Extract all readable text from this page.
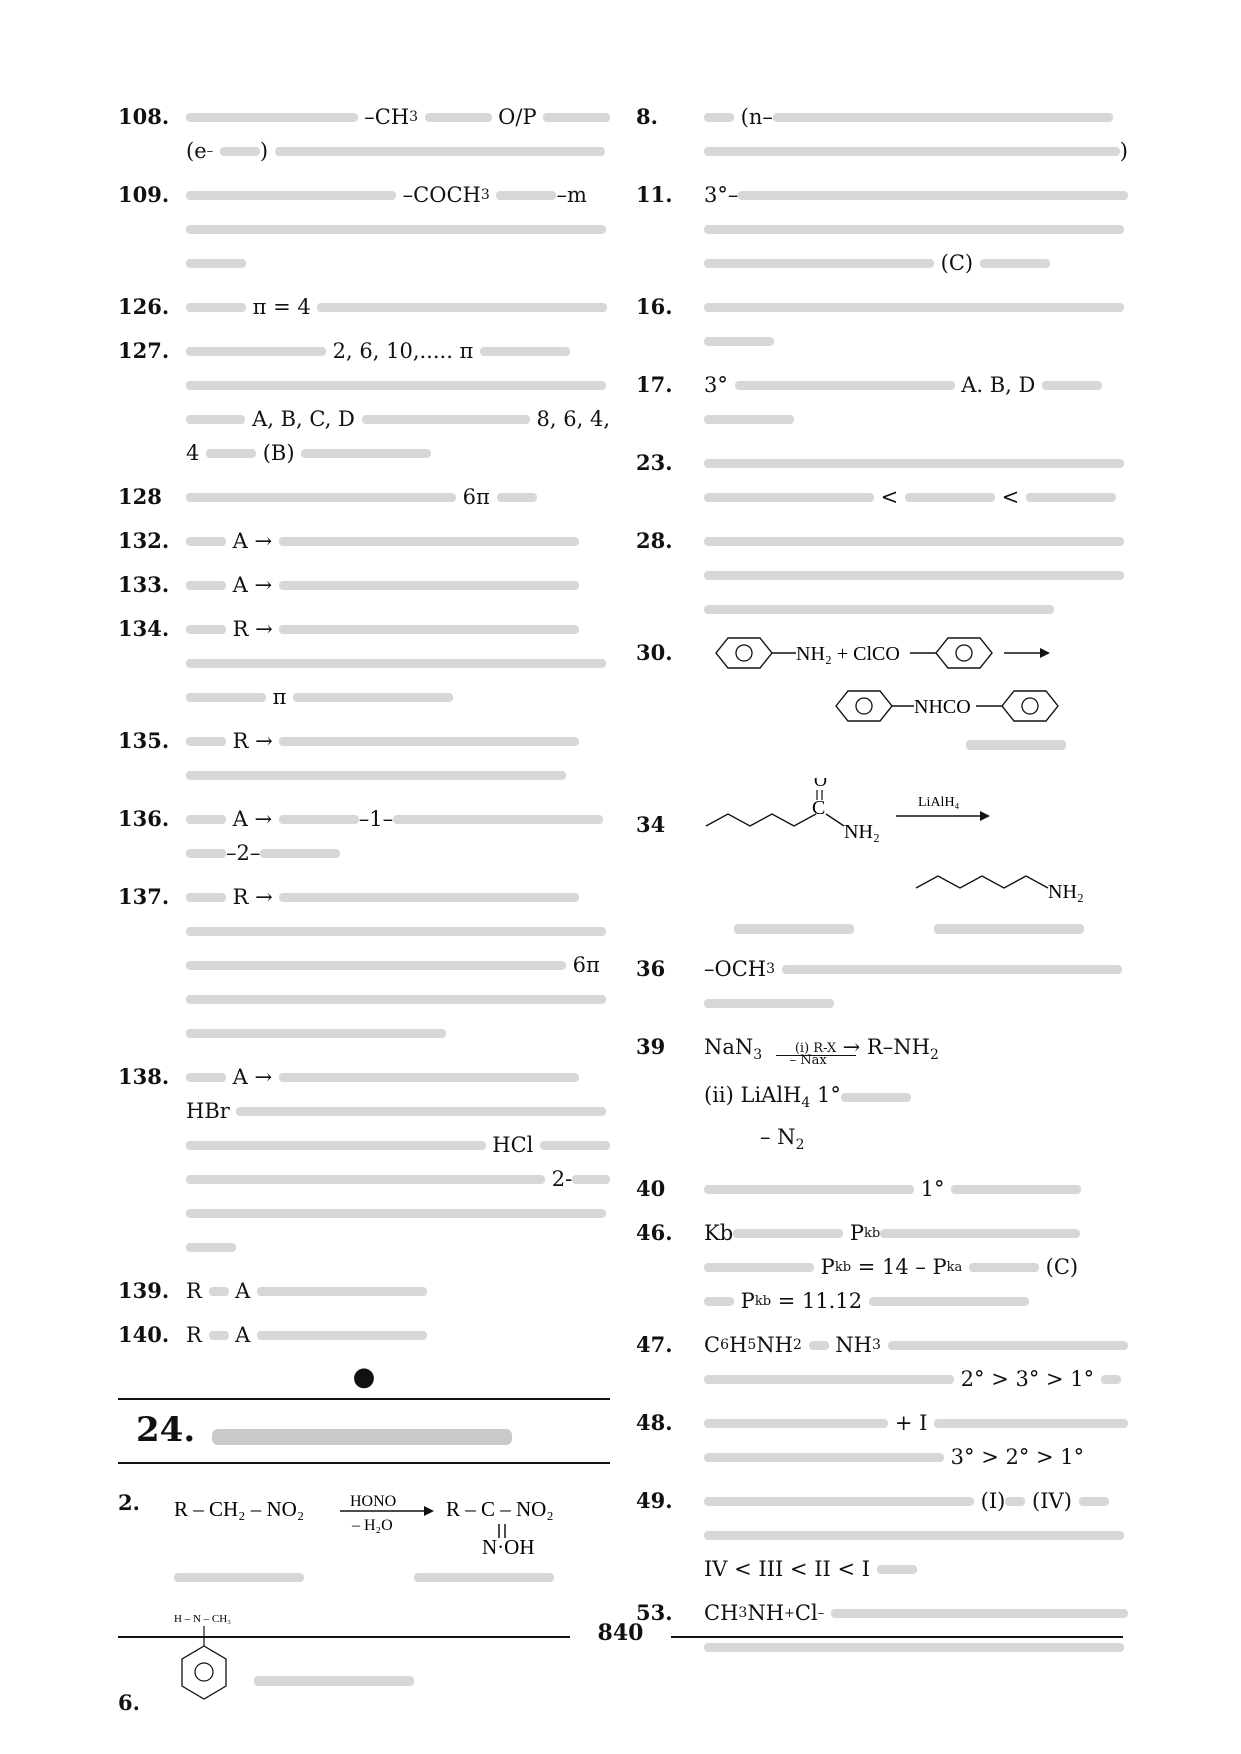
108.	–CH 3
	O/P
(e –
)
109.	–COCH 3
	–m
126.	π = 4
127.	2, 6, 10,..... π
A, B, C, D	8, 6, 4,
4
(B)
128	6π
132.	A →
133.	A →
134.	R →
π
135.	R →
136.	A →	–1–
–2–
137.	R →
6π
138.	A →
HBr
HCl
2-
139. R
A
140. R
A
●
24.
2. R – CH₂ – NO₂	HONO
– H₂O
R – C – NO₂
N·OH
6.
H – N – CH₃
8.	(n–
)
11. 3°–
(C)
16.
17. 3°	A. B, D
23.
<	<
28.
30.	NH₂ + ClCO
NHCO
34
C
O
NH₂
LiAlH₄
NH₂
36 –OCH 3

39 NaN$_3$	(i) $R-X_{- Nax}\to R-NH_2$
(ii) LiAlH$_4$ 1°
– $N_2$
40	1°
46. Kb	P kb
P kb = 14 – P ka
	(C)
P kb = 11.12
47. C 6 H 5 NH 2
NH 3

2° > 3° > 1°
48.	+ I
3° > 2° > 1°
49.	(I)
(IV)
IV < III < II < I
53. CH 3 NH + Cl –

840
